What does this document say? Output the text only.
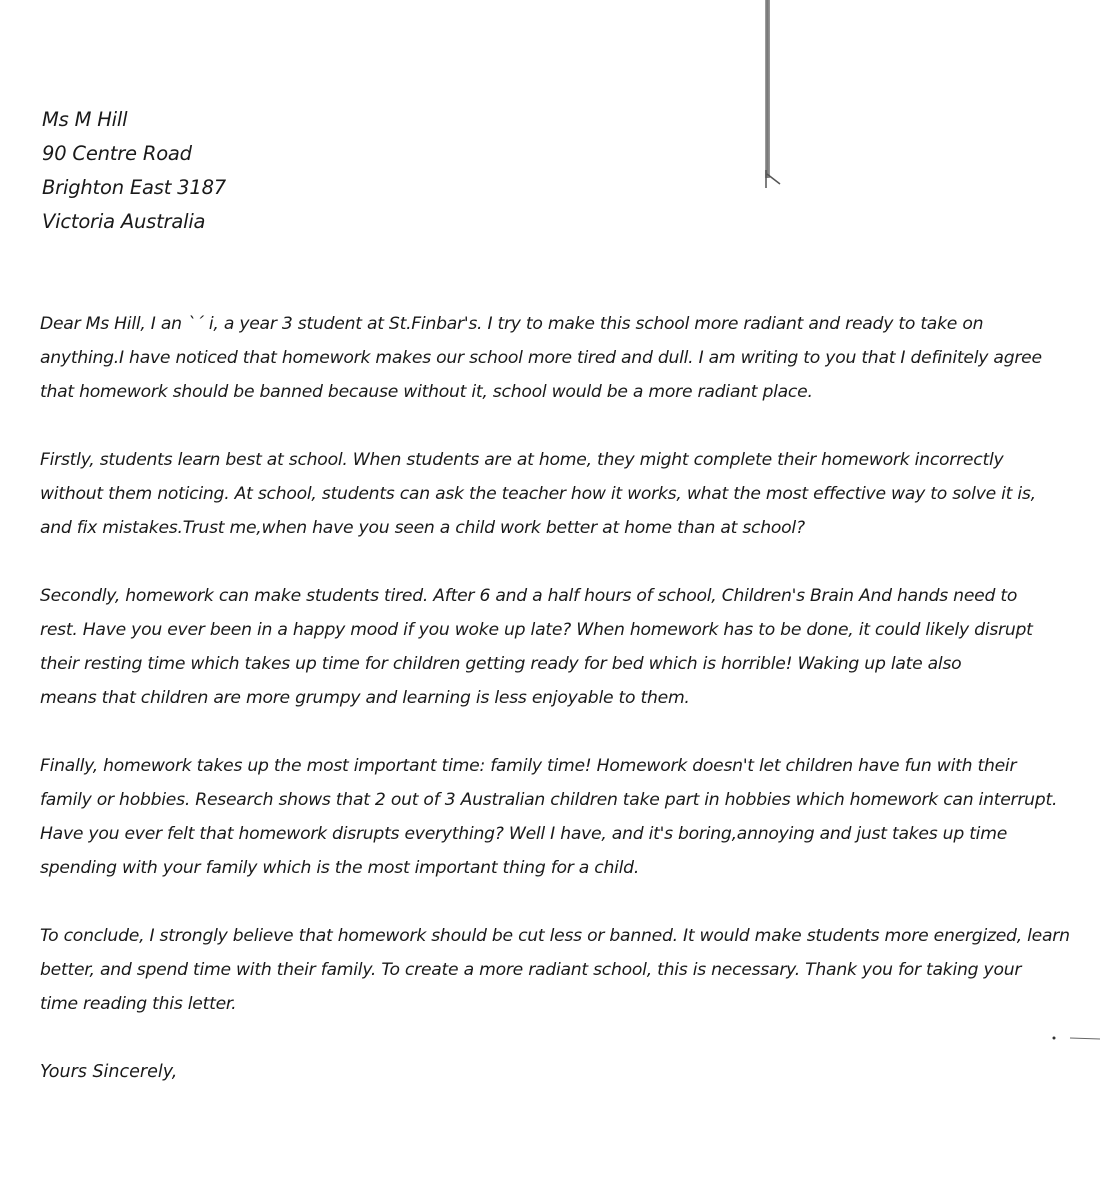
Ms M Hill
90 Centre Road
Brighton East 3187
Victoria Australia
Dear Ms Hill, I an ˋˊ i, a year 3 student at St.Finbar's. I try to make this school more radiant and ready to take on
anything.I have noticed that homework makes our school more tired and dull. I am writing to you that I definitely agree
that homework should be banned because without it, school would be a more radiant place.
Firstly, students learn best at school. When students are at home, they might complete their homework incorrectly
without them noticing. At school, students can ask the teacher how it works, what the most effective way to solve it is,
and fix mistakes.Trust me,when have you seen a child work better at home than at school?
Secondly, homework can make students tired. After 6 and a half hours of school, Children's Brain And hands need to
rest. Have you ever been in a happy mood if you woke up late? When homework has to be done, it could likely disrupt
their resting time which takes up time for children getting ready for bed which is horrible! Waking up late also
means that children are more grumpy and learning is less enjoyable to them.
Finally, homework takes up the most important time: family time! Homework doesn't let children have fun with their
family or hobbies. Research shows that 2 out of 3 Australian children take part in hobbies which homework can interrupt.
Have you ever felt that homework disrupts everything? Well I have, and it's boring,annoying and just takes up time
spending with your family which is the most important thing for a child.
To conclude, I strongly believe that homework should be cut less or banned. It would make students more energized, learn
better, and spend time with their family. To create a more radiant school, this is necessary. Thank you for taking your
time reading this letter.
Yours Sincerely,
